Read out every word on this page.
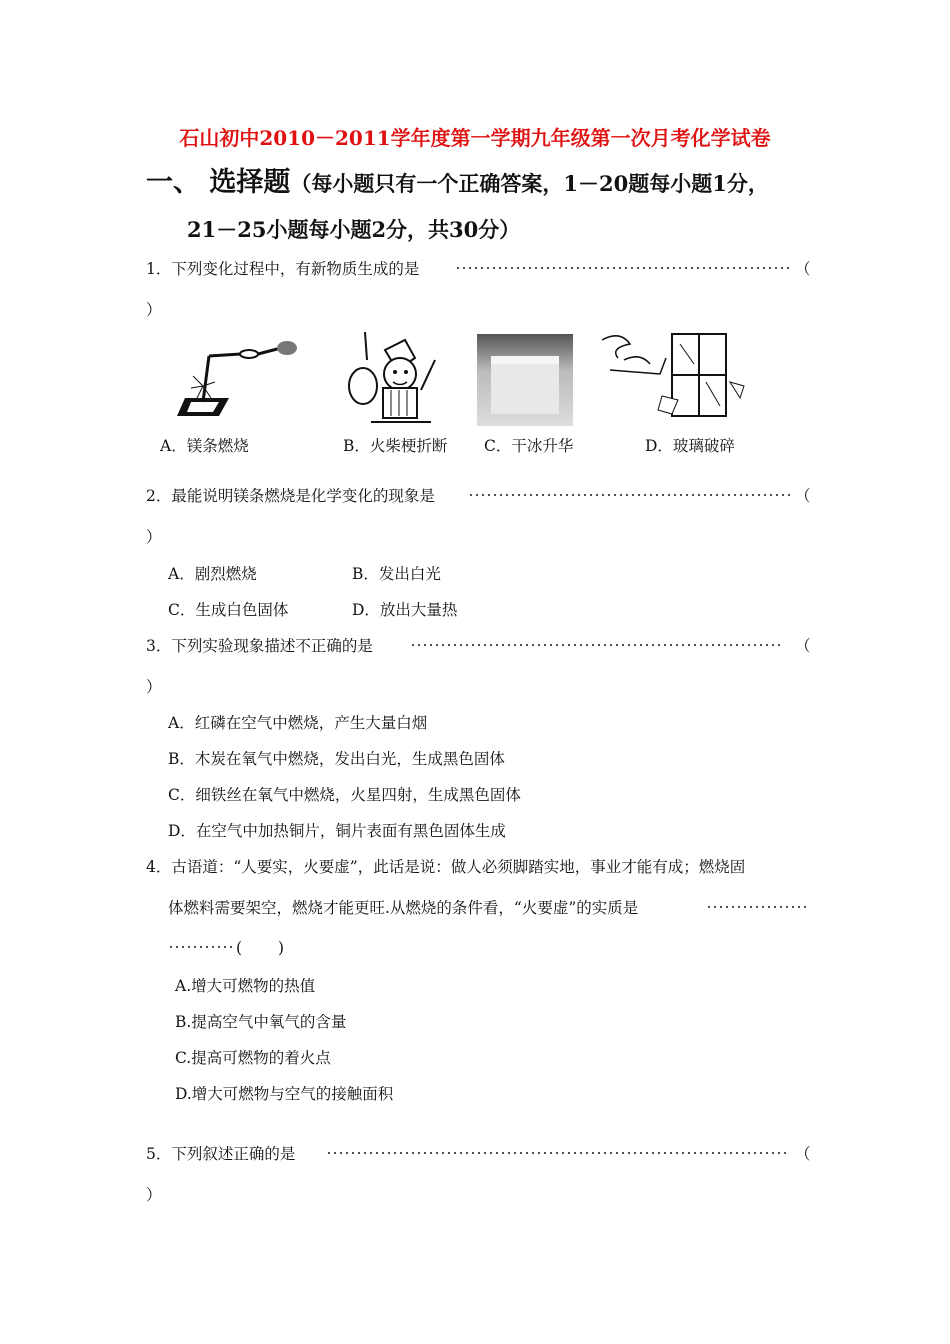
石山初中2010－2011学年度第一学期九年级第一次月考化学试卷
一、 选择题（每小题只有一个正确答案，1－20题每小题1分，
21－25小题每小题2分，共30分）
1．下列变化过程中，有新物质生成的是	（
）
A．镁条燃烧	B．火柴梗折断 C．干冰升华	D．玻璃破碎
2．最能说明镁条燃烧是化学变化的现象是	（
）
A．剧烈燃烧	B．发出白光
C．生成白色固体	D．放出大量热
3．下列实验现象描述不正确的是	（
）
A．红磷在空气中燃烧，产生大量白烟
B．木炭在氧气中燃烧，发出白光，生成黑色固体
C．细铁丝在氧气中燃烧，火星四射，生成黑色固体
D．在空气中加热铜片，铜片表面有黑色固体生成
4．古语道：“人要实，火要虚”，此话是说：做人必须脚踏实地，事业才能有成；燃烧固
体燃料需要架空，燃烧才能更旺.从燃烧的条件看，“火要虚”的实质是
(　　 )
A.增大可燃物的热值
B.提高空气中氧气的含量
C.提高可燃物的着火点
D.增大可燃物与空气的接触面积
5．下列叙述正确的是	（
）
